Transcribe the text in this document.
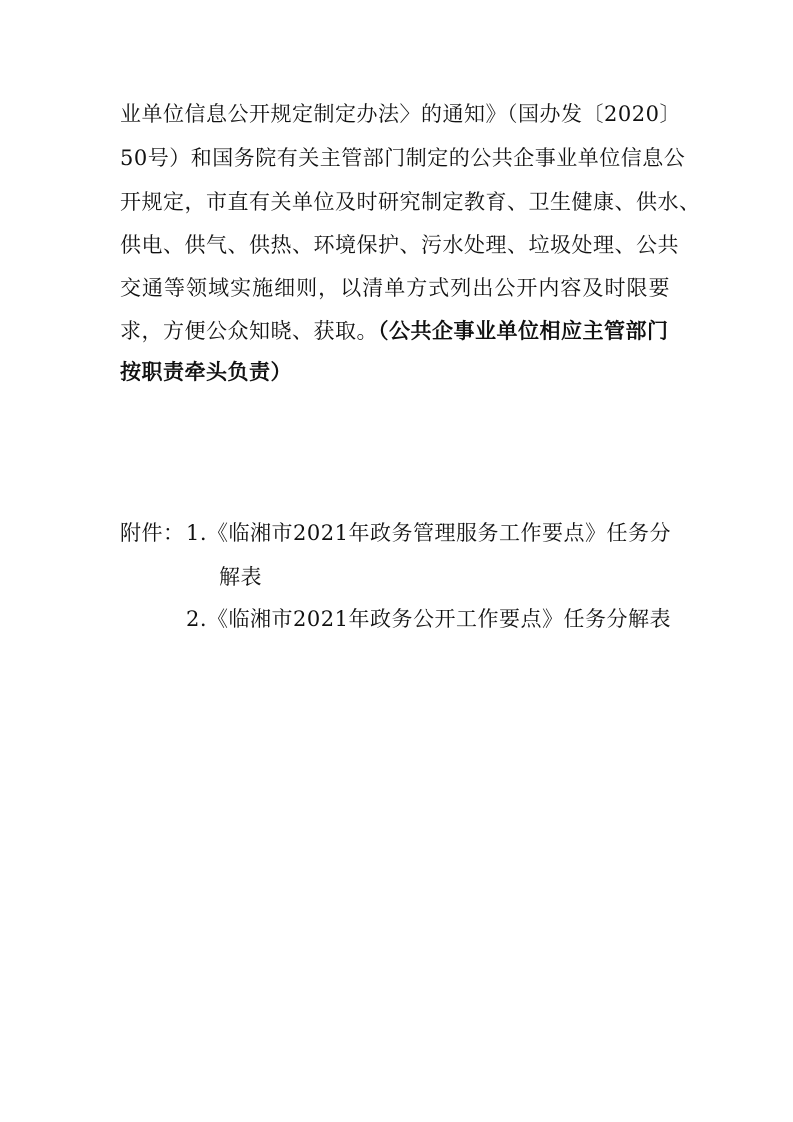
业单位信息公开规定制定办法〉的通知》（国办发〔2020〕
50号）和国务院有关主管部门制定的公共企事业单位信息公
开规定，市直有关单位及时研究制定教育、卫生健康、供水、
供电、供气、供热、环境保护、污水处理、垃圾处理、公共
交通等领域实施细则，以清单方式列出公开内容及时限要
求，方便公众知晓、获取。（公共企事业单位相应主管部门
按职责牵头负责）
附件： 1.《临湘市2021年政务管理服务工作要点》任务分
解表
2.《临湘市2021年政务公开工作要点》任务分解表
